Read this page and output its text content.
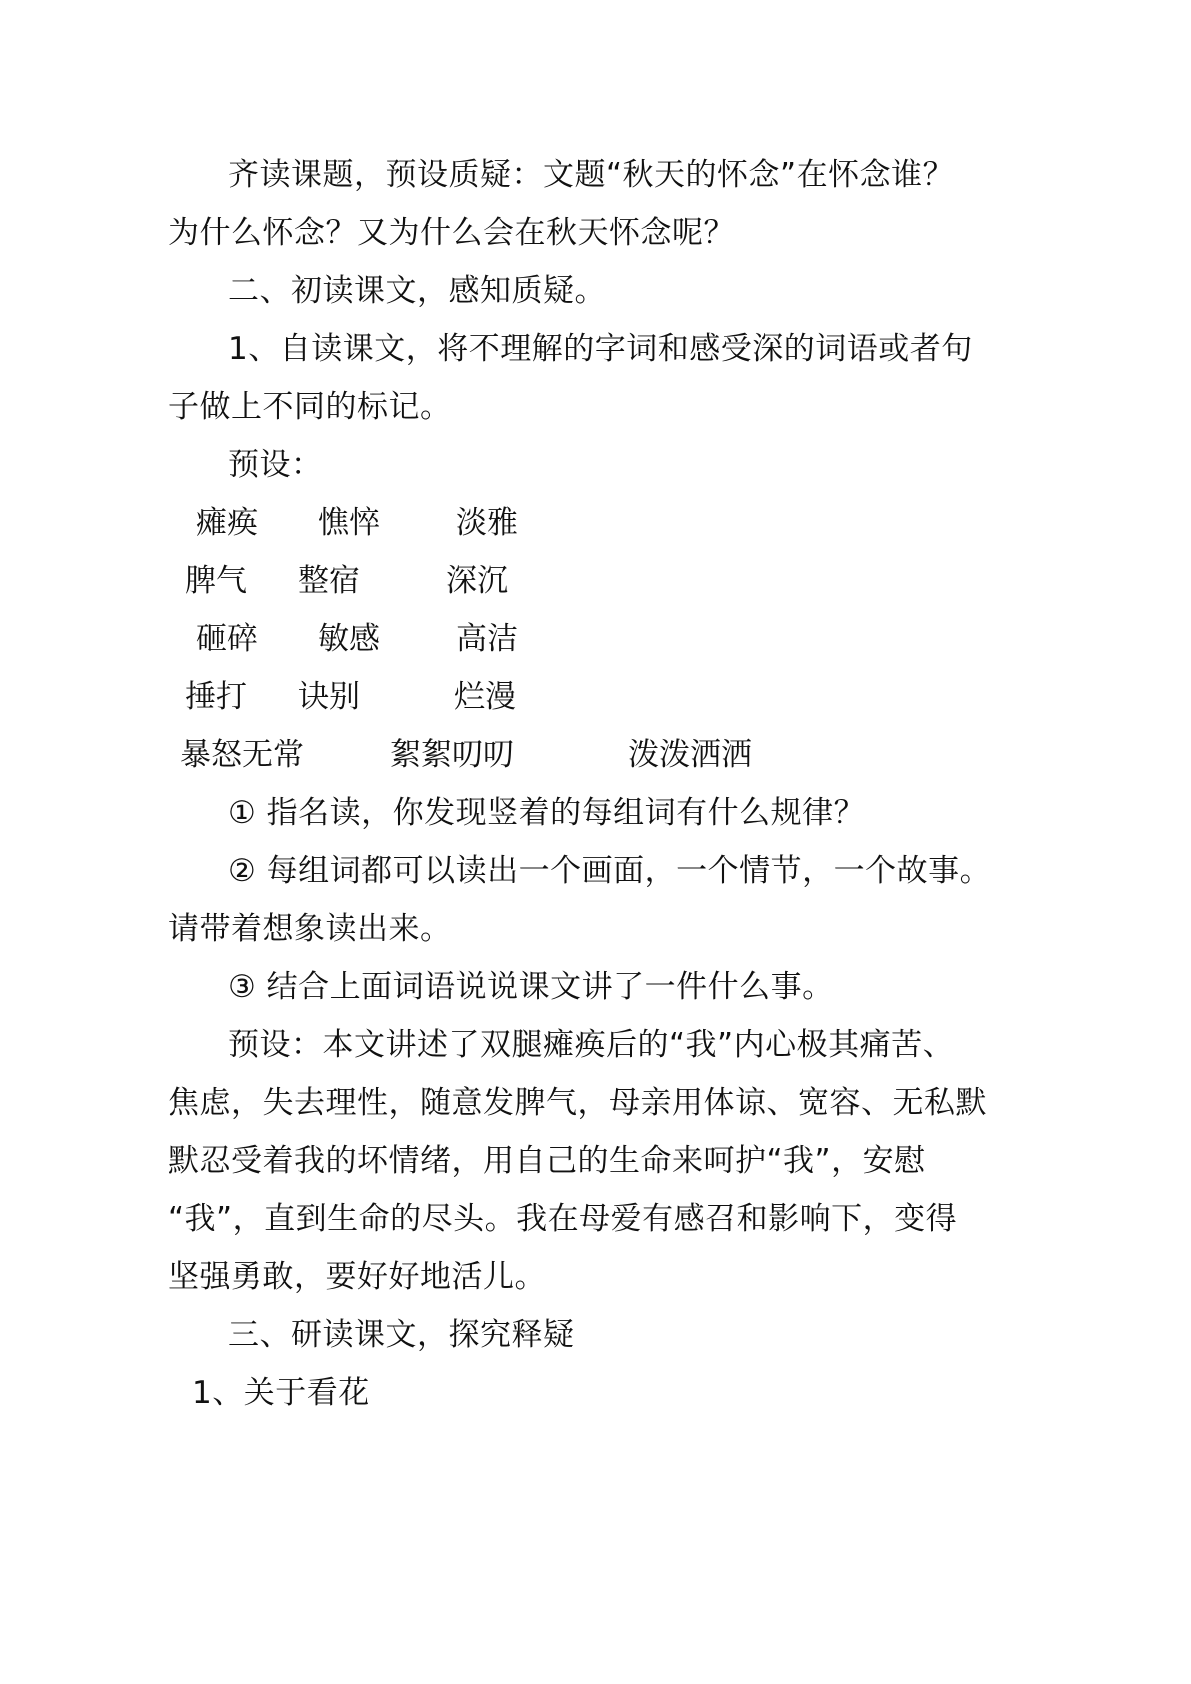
齐读课题，预设质疑：文题“秋天的怀念”在怀念谁？
为什么怀念？又为什么会在秋天怀念呢？
二、初读课文，感知质疑。
1、自读课文，将不理解的字词和感受深的词语或者句
子做上不同的标记。
预设：
瘫痪 憔悴 淡雅
脾气 整宿	深沉
砸碎 敏感 高洁
捶打 诀别	烂漫
暴怒无常	絮絮叨叨	泼泼洒洒
① 指名读，你发现竖着的每组词有什么规律？
② 每组词都可以读出一个画面，一个情节，一个故事。
请带着想象读出来。
③ 结合上面词语说说课文讲了一件什么事。
预设：本文讲述了双腿瘫痪后的“我”内心极其痛苦、
焦虑，失去理性，随意发脾气，母亲用体谅、宽容、无私默
默忍受着我的坏情绪，用自己的生命来呵护“我”，安慰
“我”，直到生命的尽头。我在母爱有感召和影响下，变得
坚强勇敢，要好好地活儿。
三、研读课文，探究释疑
1、关于看花
